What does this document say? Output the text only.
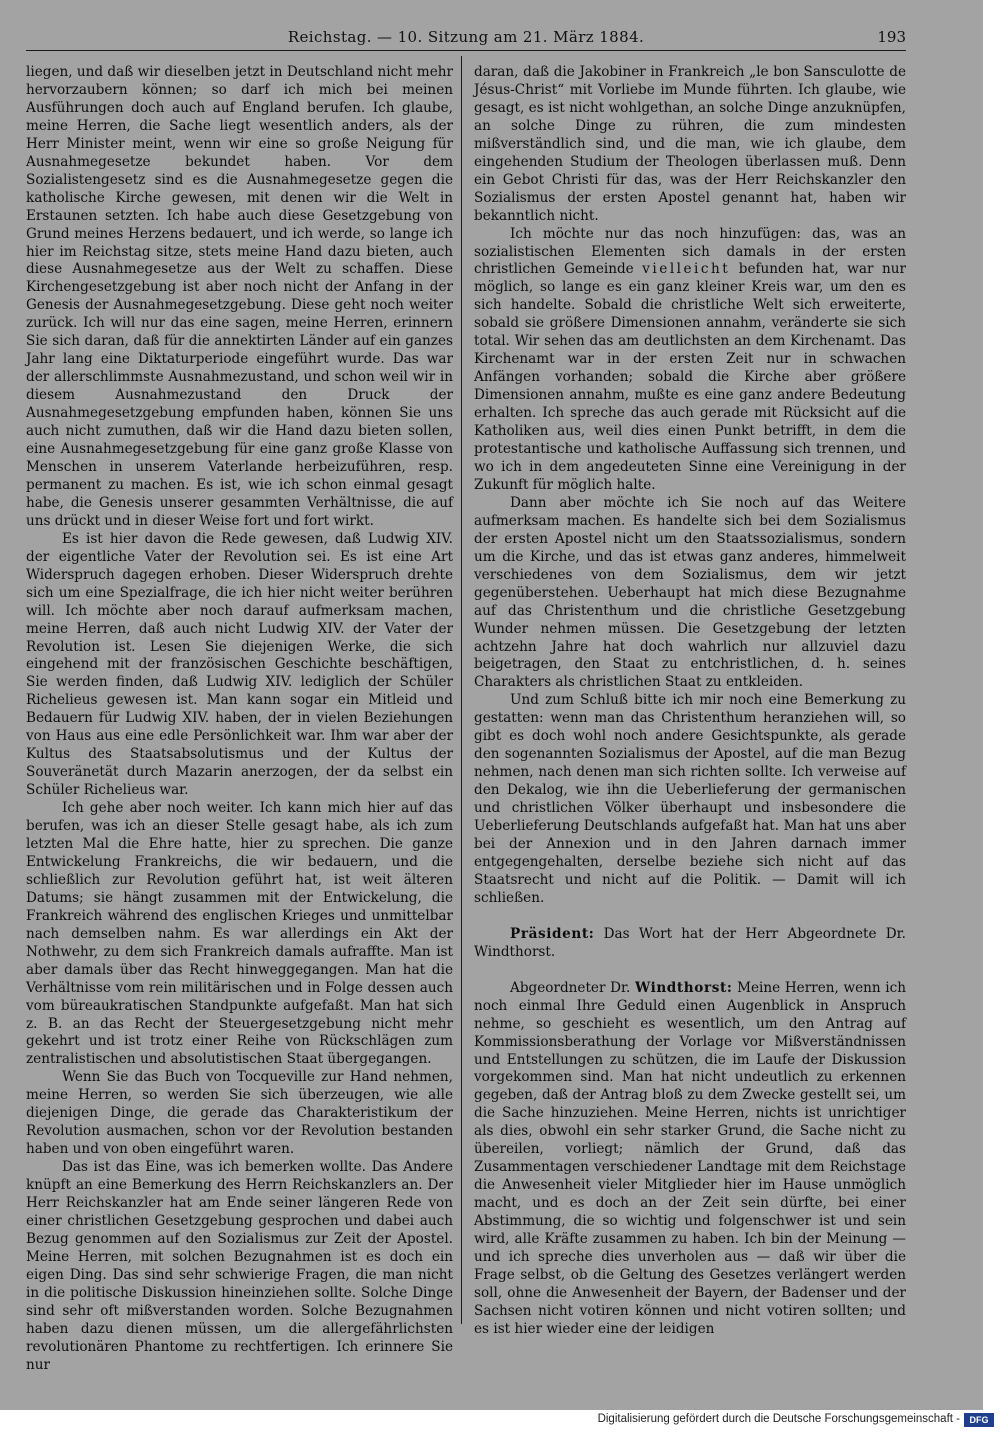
Reichstag. — 10. Sitzung am 21. März 1884.	193

liegen, und daß wir dieselben jetzt in Deutschland nicht mehr hervorzaubern können; so darf ich mich bei meinen Ausführungen doch auch auf England berufen. Ich glaube, meine Herren, die Sache liegt wesentlich anders, als der Herr Minister meint, wenn wir eine so große Neigung für Ausnahmegesetze bekundet haben. Vor dem Sozialistengesetz sind es die Ausnahmegesetze gegen die katholische Kirche gewesen, mit denen wir die Welt in Erstaunen setzten. Ich habe auch diese Gesetzgebung von Grund meines Herzens bedauert, und ich werde, so lange ich hier im Reichstag sitze, stets meine Hand dazu bieten, auch diese Ausnahmegesetze aus der Welt zu schaffen. Diese Kirchengesetzgebung ist aber noch nicht der Anfang in der Genesis der Ausnahmegesetzgebung. Diese geht noch weiter zurück. Ich will nur das eine sagen, meine Herren, erinnern Sie sich daran, daß für die annektirten Länder auf ein ganzes Jahr lang eine Diktaturperiode eingeführt wurde. Das war der allerschlimmste Ausnahmezustand, und schon weil wir in diesem Ausnahmezustand den Druck der Ausnahmegesetzgebung empfunden haben, können Sie uns auch nicht zumuthen, daß wir die Hand dazu bieten sollen, eine Ausnahmegesetzgebung für eine ganz große Klasse von Menschen in unserem Vaterlande herbeizuführen, resp. permanent zu machen. Es ist, wie ich schon einmal gesagt habe, die Genesis unserer gesammten Verhältnisse, die auf uns drückt und in dieser Weise fort und fort wirkt.

Es ist hier davon die Rede gewesen, daß Ludwig XIV. der eigentliche Vater der Revolution sei. Es ist eine Art Widerspruch dagegen erhoben. Dieser Widerspruch drehte sich um eine Spezialfrage, die ich hier nicht weiter berühren will. Ich möchte aber noch darauf aufmerksam machen, meine Herren, daß auch nicht Ludwig XIV. der Vater der Revolution ist. Lesen Sie diejenigen Werke, die sich eingehend mit der französischen Geschichte beschäftigen, Sie werden finden, daß Ludwig XIV. lediglich der Schüler Richelieus gewesen ist. Man kann sogar ein Mitleid und Bedauern für Ludwig XIV. haben, der in vielen Beziehungen von Haus aus eine edle Persönlichkeit war. Ihm war aber der Kultus des Staatsabsolutismus und der Kultus der Souveränetät durch Mazarin anerzogen, der da selbst ein Schüler Richelieus war.

Ich gehe aber noch weiter. Ich kann mich hier auf das berufen, was ich an dieser Stelle gesagt habe, als ich zum letzten Mal die Ehre hatte, hier zu sprechen. Die ganze Entwickelung Frankreichs, die wir bedauern, und die schließlich zur Revolution geführt hat, ist weit älteren Datums; sie hängt zusammen mit der Entwickelung, die Frankreich während des englischen Krieges und unmittelbar nach demselben nahm. Es war allerdings ein Akt der Nothwehr, zu dem sich Frankreich damals aufraffte. Man ist aber damals über das Recht hinweggegangen. Man hat die Verhältnisse vom rein militärischen und in Folge dessen auch vom büreaukratischen Standpunkte aufgefaßt. Man hat sich z. B. an das Recht der Steuergesetzgebung nicht mehr gekehrt und ist trotz einer Reihe von Rückschlägen zum zentralistischen und absolutistischen Staat übergegangen.

Wenn Sie das Buch von Tocqueville zur Hand nehmen, meine Herren, so werden Sie sich überzeugen, wie alle diejenigen Dinge, die gerade das Charakteristikum der Revolution ausmachen, schon vor der Revolution bestanden haben und von oben eingeführt waren.

Das ist das Eine, was ich bemerken wollte. Das Andere knüpft an eine Bemerkung des Herrn Reichskanzlers an. Der Herr Reichskanzler hat am Ende seiner längeren Rede von einer christlichen Gesetzgebung gesprochen und dabei auch Bezug genommen auf den Sozialismus zur Zeit der Apostel. Meine Herren, mit solchen Bezugnahmen ist es doch ein eigen Ding. Das sind sehr schwierige Fragen, die man nicht in die politische Diskussion hineinziehen sollte. Solche Dinge sind sehr oft mißverstanden worden. Solche Bezugnahmen haben dazu dienen müssen, um die allergefährlichsten revolutionären Phantome zu rechtfertigen. Ich erinnere Sie nur

daran, daß die Jakobiner in Frankreich „le bon Sansculotte de Jésus-Christ“ mit Vorliebe im Munde führten. Ich glaube, wie gesagt, es ist nicht wohlgethan, an solche Dinge anzuknüpfen, an solche Dinge zu rühren, die zum mindesten mißverständlich sind, und die man, wie ich glaube, dem eingehenden Studium der Theologen überlassen muß. Denn ein Gebot Christi für das, was der Herr Reichskanzler den Sozialismus der ersten Apostel genannt hat, haben wir bekanntlich nicht.

Ich möchte nur das noch hinzufügen: das, was an sozialistischen Elementen sich damals in der ersten christlichen Gemeinde vielleicht befunden hat, war nur möglich, so lange es ein ganz kleiner Kreis war, um den es sich handelte. Sobald die christliche Welt sich erweiterte, sobald sie größere Dimensionen annahm, veränderte sie sich total. Wir sehen das am deutlichsten an dem Kirchenamt. Das Kirchenamt war in der ersten Zeit nur in schwachen Anfängen vorhanden; sobald die Kirche aber größere Dimensionen annahm, mußte es eine ganz andere Bedeutung erhalten. Ich spreche das auch gerade mit Rücksicht auf die Katholiken aus, weil dies einen Punkt betrifft, in dem die protestantische und katholische Auffassung sich trennen, und wo ich in dem angedeuteten Sinne eine Vereinigung in der Zukunft für möglich halte.

Dann aber möchte ich Sie noch auf das Weitere aufmerksam machen. Es handelte sich bei dem Sozialismus der ersten Apostel nicht um den Staatssozialismus, sondern um die Kirche, und das ist etwas ganz anderes, himmelweit verschiedenes von dem Sozialismus, dem wir jetzt gegenüberstehen. Ueberhaupt hat mich diese Bezugnahme auf das Christenthum und die christliche Gesetzgebung Wunder nehmen müssen. Die Gesetzgebung der letzten achtzehn Jahre hat doch wahrlich nur allzuviel dazu beigetragen, den Staat zu entchristlichen, d. h. seines Charakters als christlichen Staat zu entkleiden.

Und zum Schluß bitte ich mir noch eine Bemerkung zu gestatten: wenn man das Christenthum heranziehen will, so gibt es doch wohl noch andere Gesichtspunkte, als gerade den sogenannten Sozialismus der Apostel, auf die man Bezug nehmen, nach denen man sich richten sollte. Ich verweise auf den Dekalog, wie ihn die Ueberlieferung der germanischen und christlichen Völker überhaupt und insbesondere die Ueberlieferung Deutschlands aufgefaßt hat. Man hat uns aber bei der Annexion und in den Jahren darnach immer entgegengehalten, derselbe beziehe sich nicht auf das Staatsrecht und nicht auf die Politik. — Damit will ich schließen.

Präsident: Das Wort hat der Herr Abgeordnete Dr. Windthorst.

Abgeordneter Dr. Windthorst: Meine Herren, wenn ich noch einmal Ihre Geduld einen Augenblick in Anspruch nehme, so geschieht es wesentlich, um den Antrag auf Kommissionsberathung der Vorlage vor Mißverständnissen und Entstellungen zu schützen, die im Laufe der Diskussion vorgekommen sind. Man hat nicht undeutlich zu erkennen gegeben, daß der Antrag bloß zu dem Zwecke gestellt sei, um die Sache hinzuziehen. Meine Herren, nichts ist unrichtiger als dies, obwohl ein sehr starker Grund, die Sache nicht zu übereilen, vorliegt; nämlich der Grund, daß das Zusammentagen verschiedener Landtage mit dem Reichstage die Anwesenheit vieler Mitglieder hier im Hause unmöglich macht, und es doch an der Zeit sein dürfte, bei einer Abstimmung, die so wichtig und folgenschwer ist und sein wird, alle Kräfte zusammen zu haben. Ich bin der Meinung — und ich spreche dies unverholen aus — daß wir über die Frage selbst, ob die Geltung des Gesetzes verlängert werden soll, ohne die Anwesenheit der Bayern, der Badenser und der Sachsen nicht votiren können und nicht votiren sollten; und es ist hier wieder eine der leidigen

Digitalisierung gefördert durch die Deutsche Forschungsgemeinschaft -	DFG
